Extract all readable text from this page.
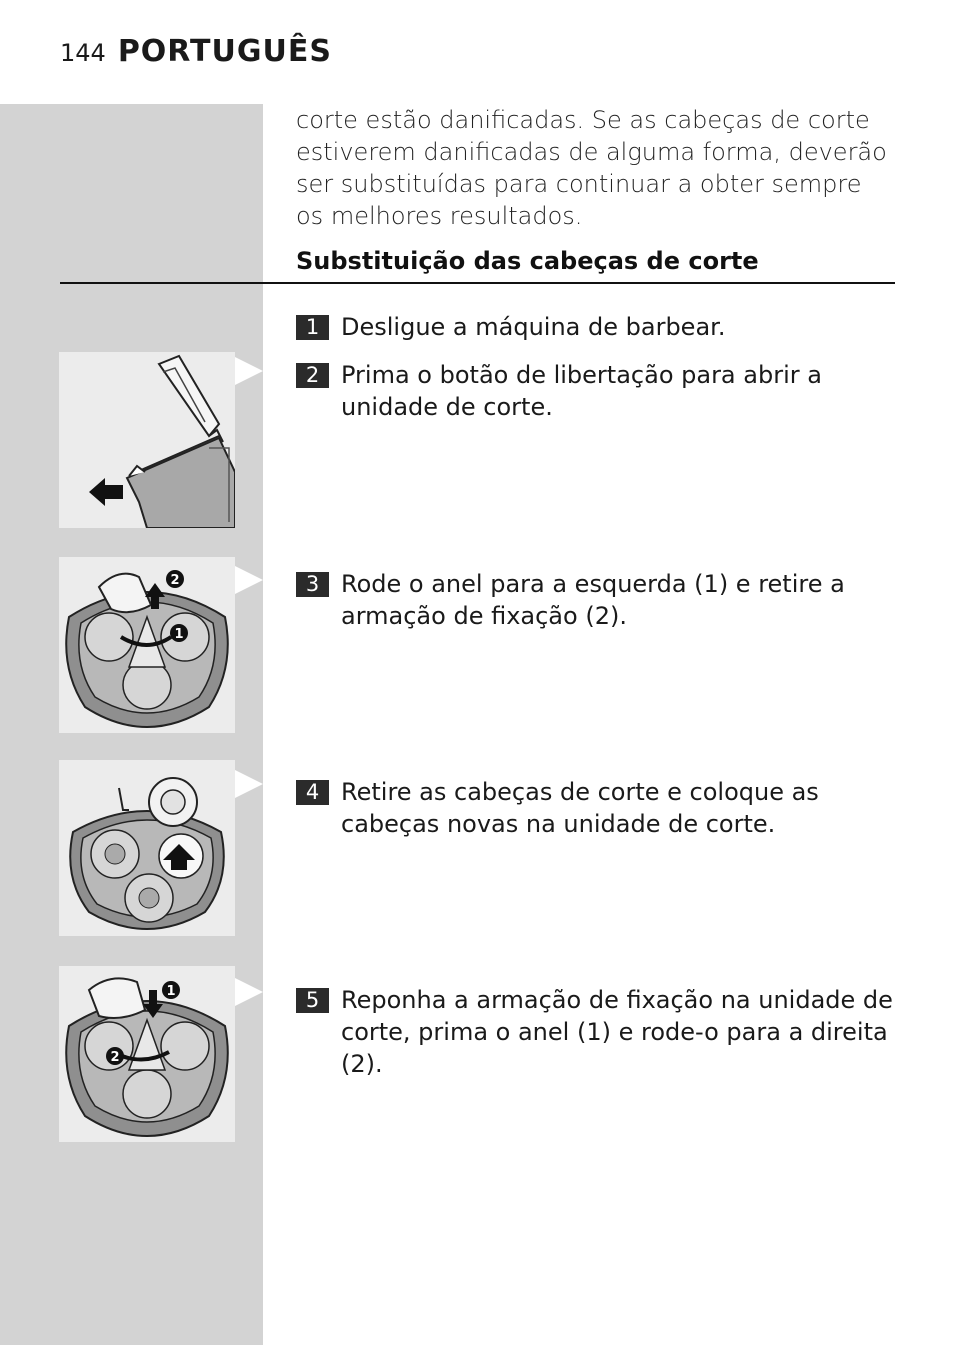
144 PORTUGUÊS
corte estão danificadas. Se as cabeças de corte estiverem danificadas de alguma forma, deverão ser substituídas para continuar a obter sempre os melhores resultados.
Substituição das cabeças de corte
1 Desligue a máquina de barbear.
2 Prima o botão de libertação para abrir a unidade de corte.
3 Rode o anel para a esquerda (1) e retire a armação de fixação (2).
4 Retire as cabeças de corte e coloque as cabeças novas na unidade de corte.
5 Reponha a armação de fixação na unidade de corte, prima o anel (1) e rode-o para a direita (2).
2
1
1
2
